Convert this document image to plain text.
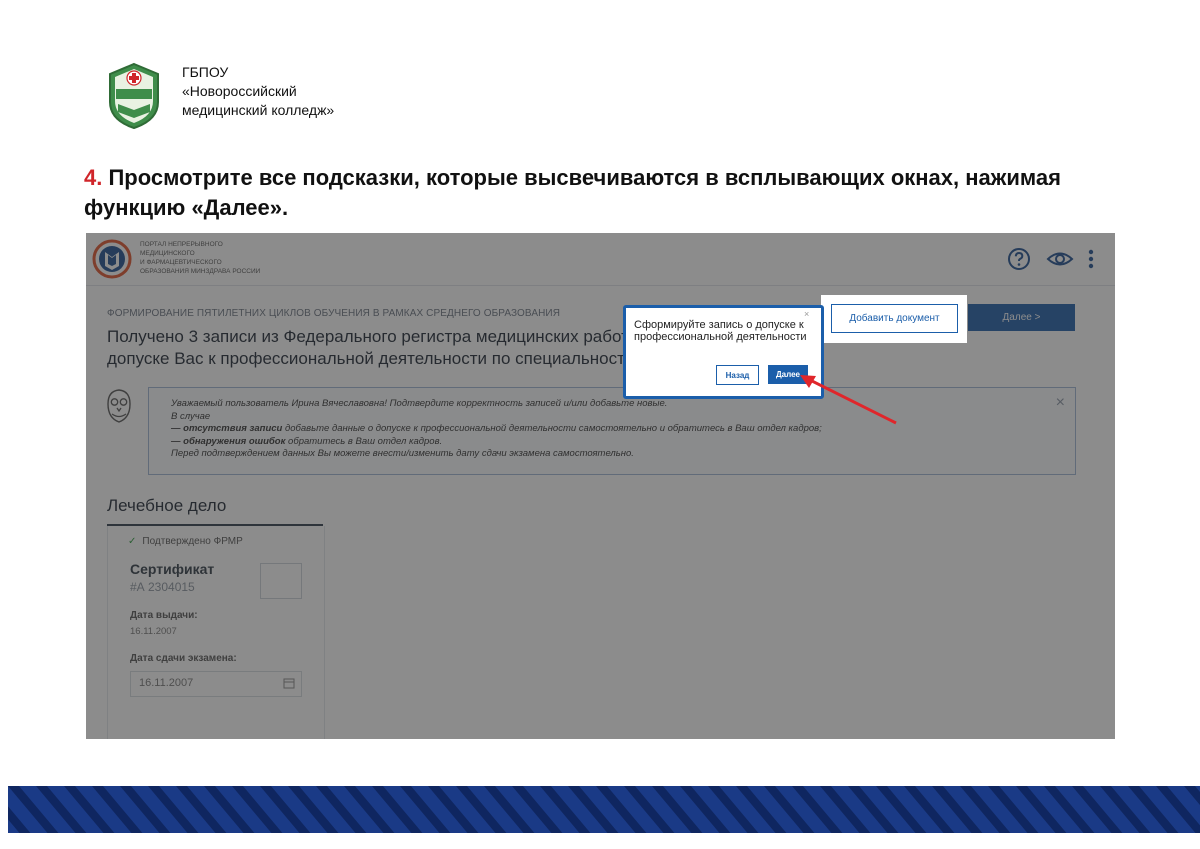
ГБПОУ
«Новороссийский
медицинский колледж»
4. Просмотрите все подсказки, которые высвечиваются в всплывающих окнах, нажимая функцию «Далее».
Добавить документ
×
Сформируйте запись о допуске к профессиональной деятельности
Назад	Далее
